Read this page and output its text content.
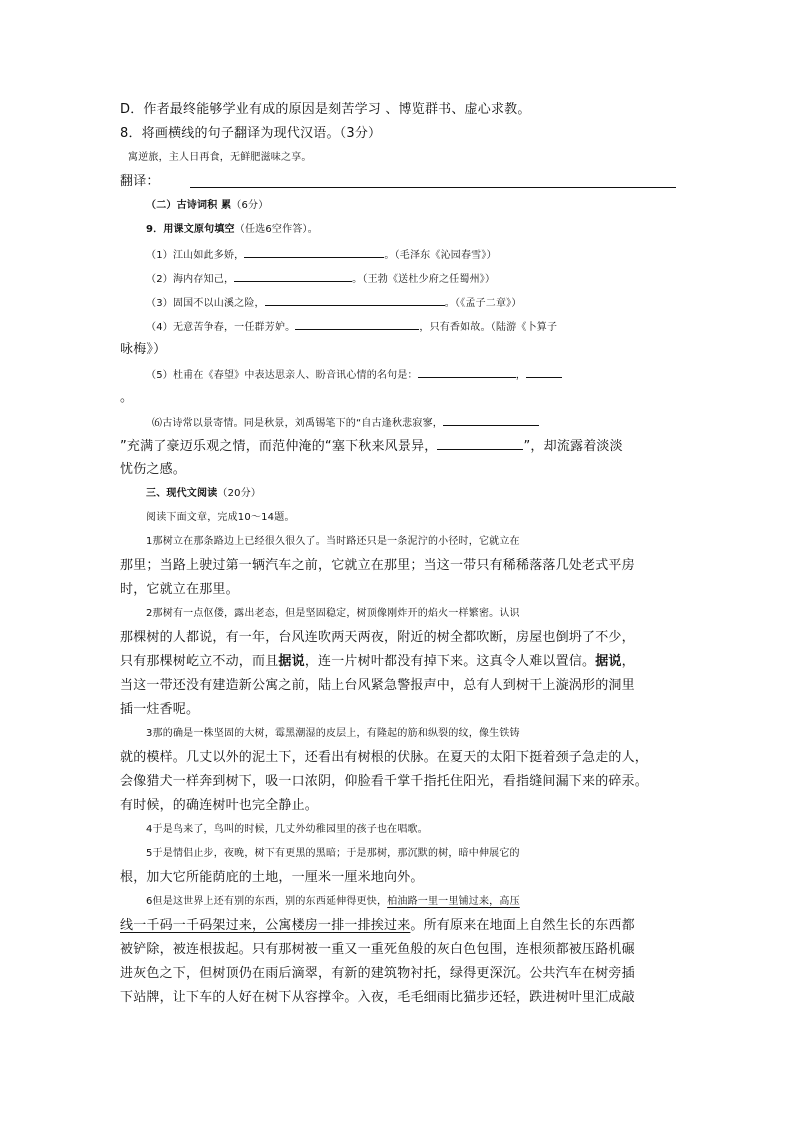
D．作者最终能够学业有成的原因是刻苦学习 、博览群书、虚心求教。
8．将画横线的句子翻译为现代汉语。（3分）
寓逆旅，主人日再食，无鲜肥滋味之享。
翻译：
（二）古诗词积 累（6分）
9．用课文原句填空（任选6空作答）。
（1）江山如此多娇，	。（毛泽东《沁园春雪》）
（2）海内存知己，	。（王勃《送杜少府之任蜀州》）
（3）固国不以山溪之险，	。（《孟子二章》）
（4）无意苦争春，一任群芳妒。	，只有香如故。（陆游《卜算子
咏梅》）
（5）杜甫在《春望》中表达思亲人、盼音讯心情的名句是：	，
。
⑹古诗常以景寄情。同是秋景，刘禹锡笔下的“自古逢秋悲寂寥，
”充满了豪迈乐观之情，而范仲淹的“塞下秋来风景异，	”，却流露着淡淡
忧伤之感。
三、现代文阅读（20分）
阅读下面文章，完成10～14题。
1那树立在那条路边上已经很久很久了。当时路还只是一条泥泞的小径时，它就立在
那里；当路上驶过第一辆汽车之前，它就立在那里；当这一带只有稀稀落落几处老式平房
时，它就立在那里。
2那树有一点伛偻，露出老态，但是坚固稳定，树顶像刚炸开的焰火一样繁密。认识
那棵树的人都说，有一年，台风连吹两天两夜，附近的树全都吹断，房屋也倒坍了不少，
只有那棵树屹立不动，而且据说，连一片树叶都没有掉下来。这真令人难以置信。据说，
当这一带还没有建造新公寓之前，陆上台风紧急警报声中，总有人到树干上漩涡形的洞里
插一炷香呢。
3那的确是一株坚固的大树，霉黑潮湿的皮层上，有隆起的筋和纵裂的纹，像生铁铸
就的模样。几丈以外的泥土下，还看出有树根的伏脉。在夏天的太阳下挺着颈子急走的人，
会像猎犬一样奔到树下，吸一口浓阴，仰脸看千掌千指托住阳光，看指缝间漏下来的碎汞。
有时候，的确连树叶也完全静止。
4于是鸟来了，鸟叫的时候，几丈外幼稚园里的孩子也在唱歌。
5于是情侣止步，夜晚，树下有更黑的黑暗；于是那树，那沉默的树，暗中伸展它的
根，加大它所能荫庇的土地，一厘米一厘米地向外。
6但是这世界上还有别的东西，别的东西延伸得更快，柏油路一里一里铺过来，高压
线一千码一千码架过来，公寓楼房一排一排挨过来。所有原来在地面上自然生长的东西都
被铲除，被连根拔起。只有那树被一重又一重死鱼般的灰白色包围，连根须都被压路机碾
进灰色之下，但树顶仍在雨后滴翠，有新的建筑物衬托，绿得更深沉。公共汽车在树旁插
下站牌，让下车的人好在树下从容撑伞。入夜，毛毛细雨比猫步还轻，跌进树叶里汇成敲
